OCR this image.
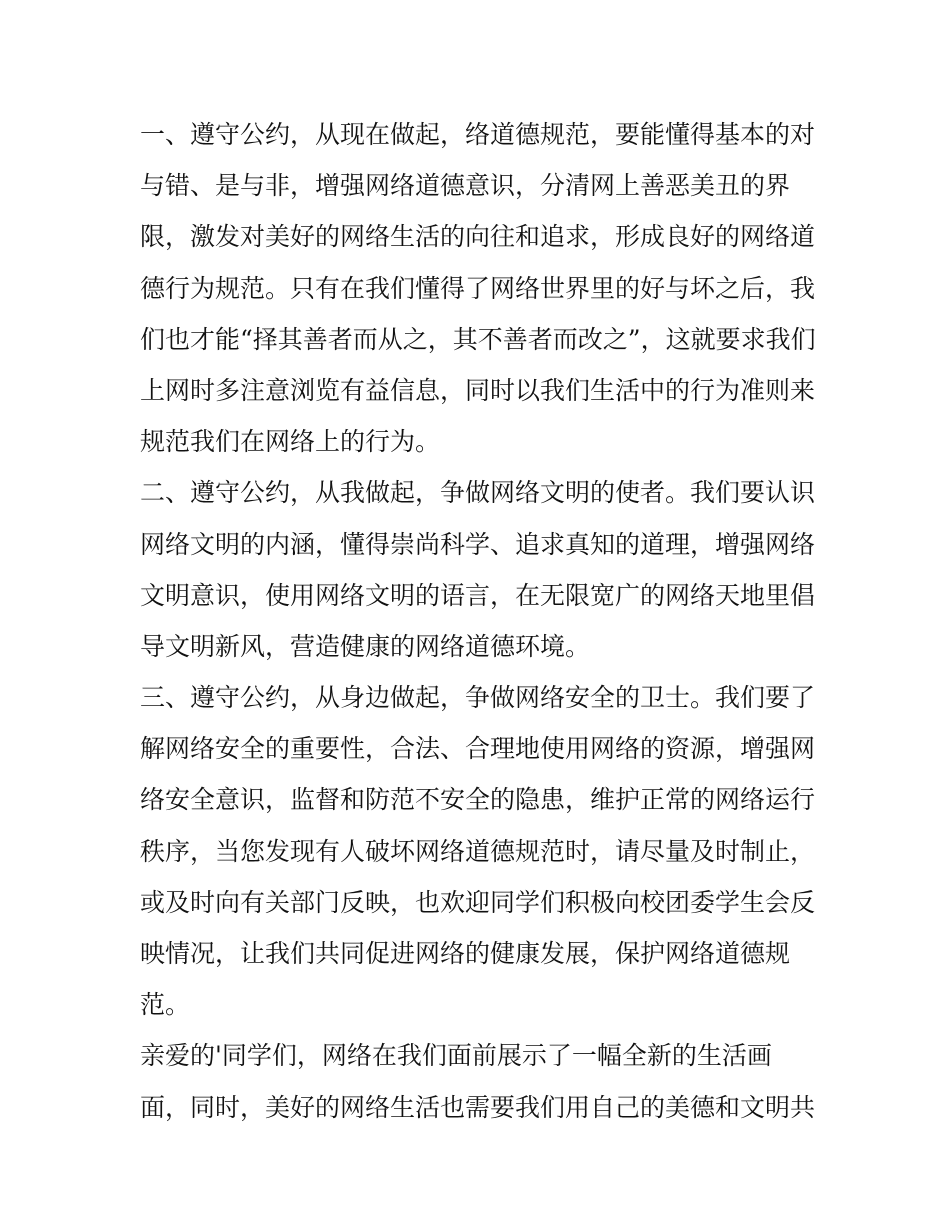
一、遵守公约，从现在做起，络道德规范，要能懂得基本的对
与错、是与非，增强网络道德意识，分清网上善恶美丑的界
限，激发对美好的网络生活的向往和追求，形成良好的网络道
德行为规范。只有在我们懂得了网络世界里的好与坏之后，我
们也才能“择其善者而从之，其不善者而改之”，这就要求我们
上网时多注意浏览有益信息，同时以我们生活中的行为准则来
规范我们在网络上的行为。
二、遵守公约，从我做起，争做网络文明的使者。我们要认识
网络文明的内涵，懂得崇尚科学、追求真知的道理，增强网络
文明意识，使用网络文明的语言，在无限宽广的网络天地里倡
导文明新风，营造健康的网络道德环境。
三、遵守公约，从身边做起，争做网络安全的卫士。我们要了
解网络安全的重要性，合法、合理地使用网络的资源，增强网
络安全意识，监督和防范不安全的隐患，维护正常的网络运行
秩序，当您发现有人破坏网络道德规范时，请尽量及时制止，
或及时向有关部门反映，也欢迎同学们积极向校团委学生会反
映情况，让我们共同促进网络的健康发展，保护网络道德规
范。
亲爱的'同学们，网络在我们面前展示了一幅全新的生活画
面，同时，美好的网络生活也需要我们用自己的美德和文明共
